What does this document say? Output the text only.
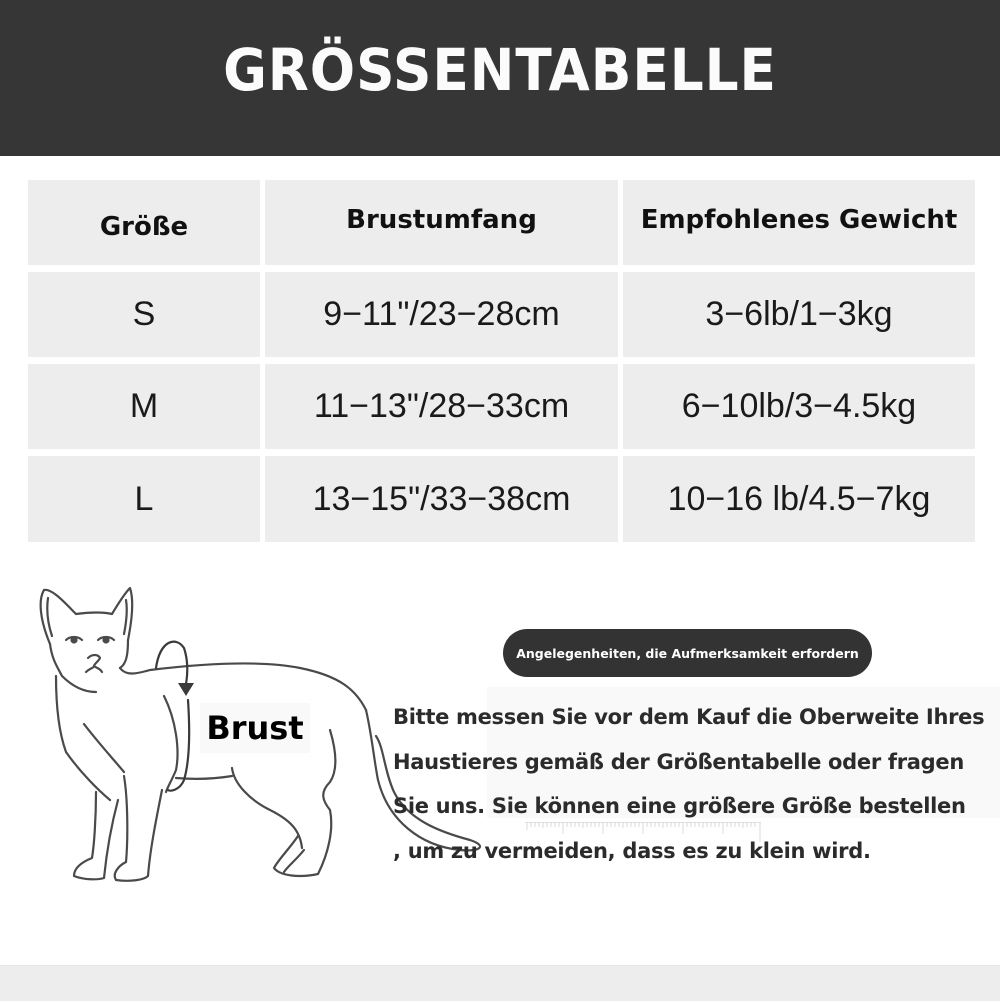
GRÖSSENTABELLE
Größe	Brustumfang	Empfohlenes Gewicht
S	9−11"/23−28cm	3−6lb/1−3kg
M	11−13"/28−33cm	6−10lb/3−4.5kg
L	13−15"/33−38cm	10−16 lb/4.5−7kg
Brust
Angelegenheiten, die Aufmerksamkeit erfordern
Bitte messen Sie vor dem Kauf die Oberweite Ihres
Haustieres gemäß der Größentabelle oder fragen
Sie uns. Sie können eine größere Größe bestellen
, um zu vermeiden, dass es zu klein wird.
